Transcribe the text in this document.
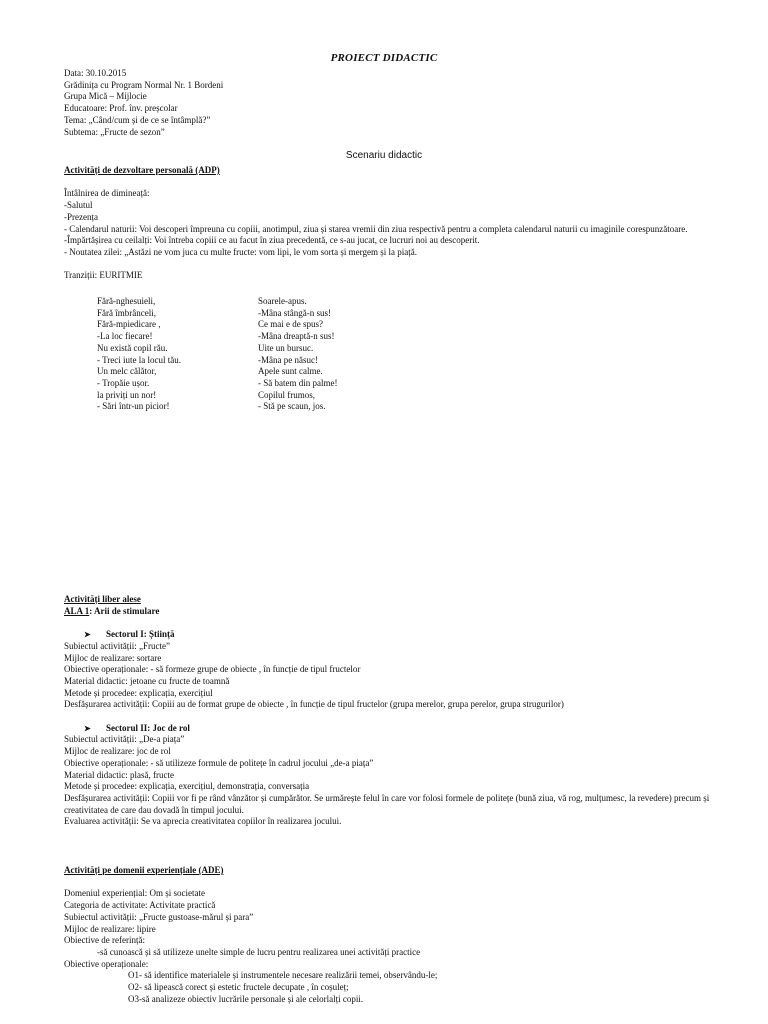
PROIECT DIDACTIC
Data: 30.10.2015
Grădinița cu Program Normal Nr. 1 Bordeni
Grupa Mică – Mijlocie
Educatoare: Prof. înv. preșcolar
Tema: „Când/cum și de ce se întâmplă?”
Subtema: „Fructe de sezon”
Scenariu didactic
Activități de dezvoltare personală (ADP)
Întâlnirea de dimineață:
-Salutul
-Prezența
- Calendarul naturii: Voi descoperi împreuna cu copiii, anotimpul, ziua și starea vremii din ziua respectivă pentru a completa calendarul naturii cu imaginile corespunzătoare.
-Împărtășirea cu ceilalți: Voi întreba copiii ce au facut în ziua precedentă, ce s-au jucat, ce lucruri noi au descoperit.
- Noutatea zilei: „Astăzi ne vom juca cu multe fructe: vom lipi, le vom sorta și mergem și la piață.
Tranziții: EURITMIE
Fără-nghesuieli,
Fără îmbrânceli,
Fără-mpiedicare ,
-La loc fiecare!
Nu există copil rău.
- Treci iute la locul tău.
Un melc călător,
- Tropăie ușor.
la priviți un nor!
- Sări într-un picior!
Soarele-apus.
-Mâna stângă-n sus!
Ce mai e de spus?
-Mâna dreaptă-n sus!
Uite un bursuc.
-Mâna pe năsuc!
Apele sunt calme.
- Să batem din palme!
Copilul frumos,
- Stă pe scaun, jos.
Activități liber alese
ALA 1: Arii de stimulare
➤ Sectorul I: Știință
Subiectul activității: „Fructe”
Mijloc de realizare: sortare
Obiective operaționale: - să formeze grupe de obiecte , în funcție de tipul fructelor
Material didactic: jetoane cu fructe de toamnă
Metode și procedee: explicația, exercițiul
Desfășurarea activității: Copiii au de format grupe de obiecte , în funcție de tipul fructelor (grupa merelor, grupa perelor, grupa strugurilor)
➤ Sectorul II: Joc de rol
Subiectul activității: „De-a piața”
Mijloc de realizare: joc de rol
Obiective operaționale: - să utilizeze formule de politețe în cadrul jocului „de-a piața”
Material didactic: plasă, fructe
Metode și procedee: explicația, exercițiul, demonstrația, conversația
Desfășurarea activității: Copiii vor fi pe rând vânzător și cumpărător. Se urmărește felul în care vor folosi formele de politețe (bună ziua, vă rog, mulțumesc, la revedere) precum și creativitatea de care dau dovadă în timpul jocului.
Evaluarea activității: Se va aprecia creativitatea copiilor în realizarea jocului.
Activități pe domenii experiențiale (ADE)
Domeniul experiențial: Om și societate
Categoria de activitate: Activitate practică
Subiectul activității: „Fructe gustoase-mărul și para”
Mijloc de realizare: lipire
Obiective de referință:
-să cunoască și să utilizeze unelte simple de lucru pentru realizarea unei activități practice
Obiective operaționale:
O1- să identifice materialele și instrumentele necesare realizării temei, observându-le;
O2- să lipească corect și estetic fructele decupate , în coșuleț;
O3-să analizeze obiectiv lucrările personale și ale celorlalți copii.
